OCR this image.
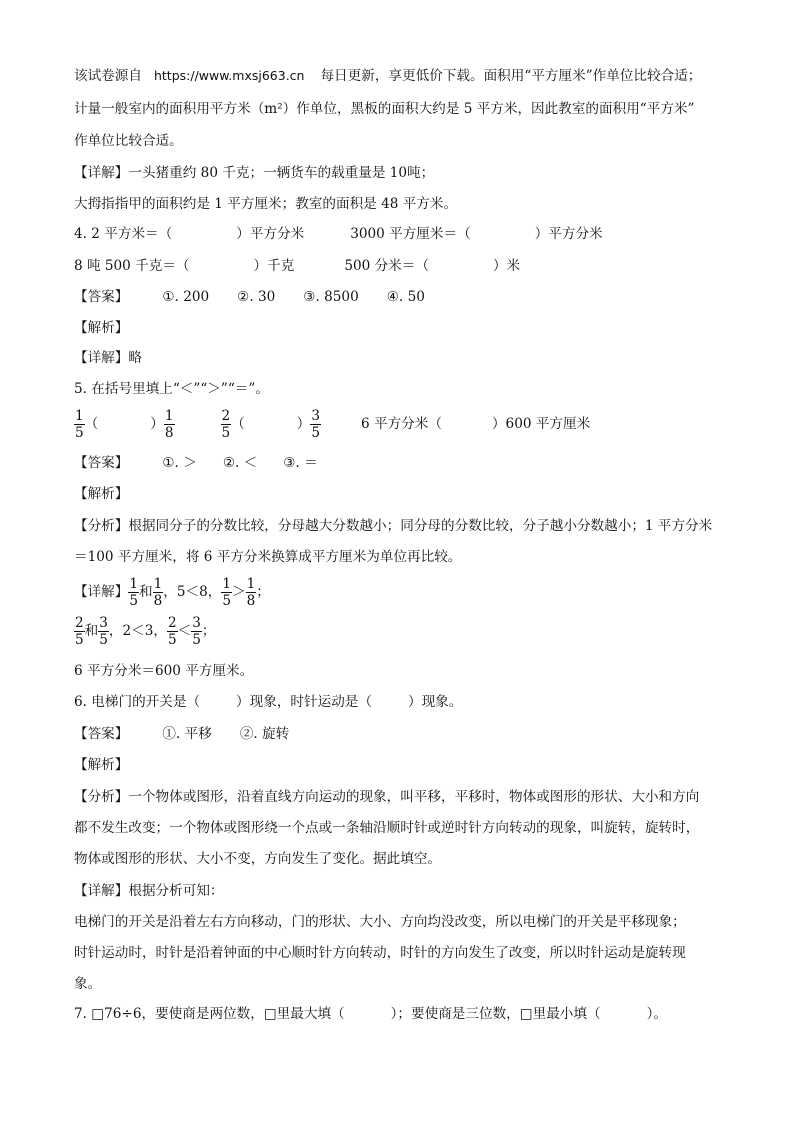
该试卷源自 https://www.mxsj663.cn 每日更新，享更低价下载。面积用“平方厘米”作单位比较合适；
计量一般室内的面积用平方米（m²）作单位，黑板的面积大约是 5 平方米，因此教室的面积用“平方米”
作单位比较合适。
【详解】一头猪重约 80 千克；一辆货车的载重量是 10吨；
大拇指指甲的面积约是 1 平方厘米；教室的面积是 48 平方米。
4. 2 平方米＝（	）平方分米	3000 平方厘米＝（	）平方分米
8 吨 500 千克＝（	）千克	500 分米＝（	）米
【答案】	①. 200 ②. 30 ③. 8500 ④. 50
【解析】
【详解】略
5. 在括号里填上“＜”“＞”“＝”。
$\frac{1}{5}$ （	） $\frac{1}{8}$	$\frac{2}{5}$ （	） $\frac{3}{5}$	6 平方分米（	）600 平方厘米
【答案】	①. ＞ ②. ＜ ③. ＝
【解析】
【分析】根据同分子的分数比较，分母越大分数越小；同分母的分数比较，分子越小分数越小；1 平方分米
＝100 平方厘米，将 6 平方分米换算成平方厘米为单位再比较。
【详解】 $\frac{1}{5}$ 和 $\frac{1}{8}$ ，5＜8， $\frac{1}{5} > \frac{1}{8}$ ；
$\frac{2}{5}$ 和 $\frac{3}{5}$ ，2＜3， $\frac{2}{5} < \frac{3}{5}$ ；
6 平方分米＝600 平方厘米。
6. 电梯门的开关是（	）现象，时针运动是（	）现象。
【答案】	①. 平移 ②. 旋转
【解析】
【分析】一个物体或图形，沿着直线方向运动的现象，叫平移，平移时，物体或图形的形状、大小和方向
都不发生改变；一个物体或图形绕一个点或一条轴沿顺时针或逆时针方向转动的现象，叫旋转，旋转时，
物体或图形的形状、大小不变，方向发生了变化。据此填空。
【详解】根据分析可知：
电梯门的开关是沿着左右方向移动，门的形状、大小、方向均没改变，所以电梯门的开关是平移现象；
时针运动时，时针是沿着钟面的中心顺时针方向转动，时针的方向发生了改变，所以时针运动是旋转现
象。
7. □76÷6，要使商是两位数，□里最大填（	）；要使商是三位数，□里最小填（	）。
